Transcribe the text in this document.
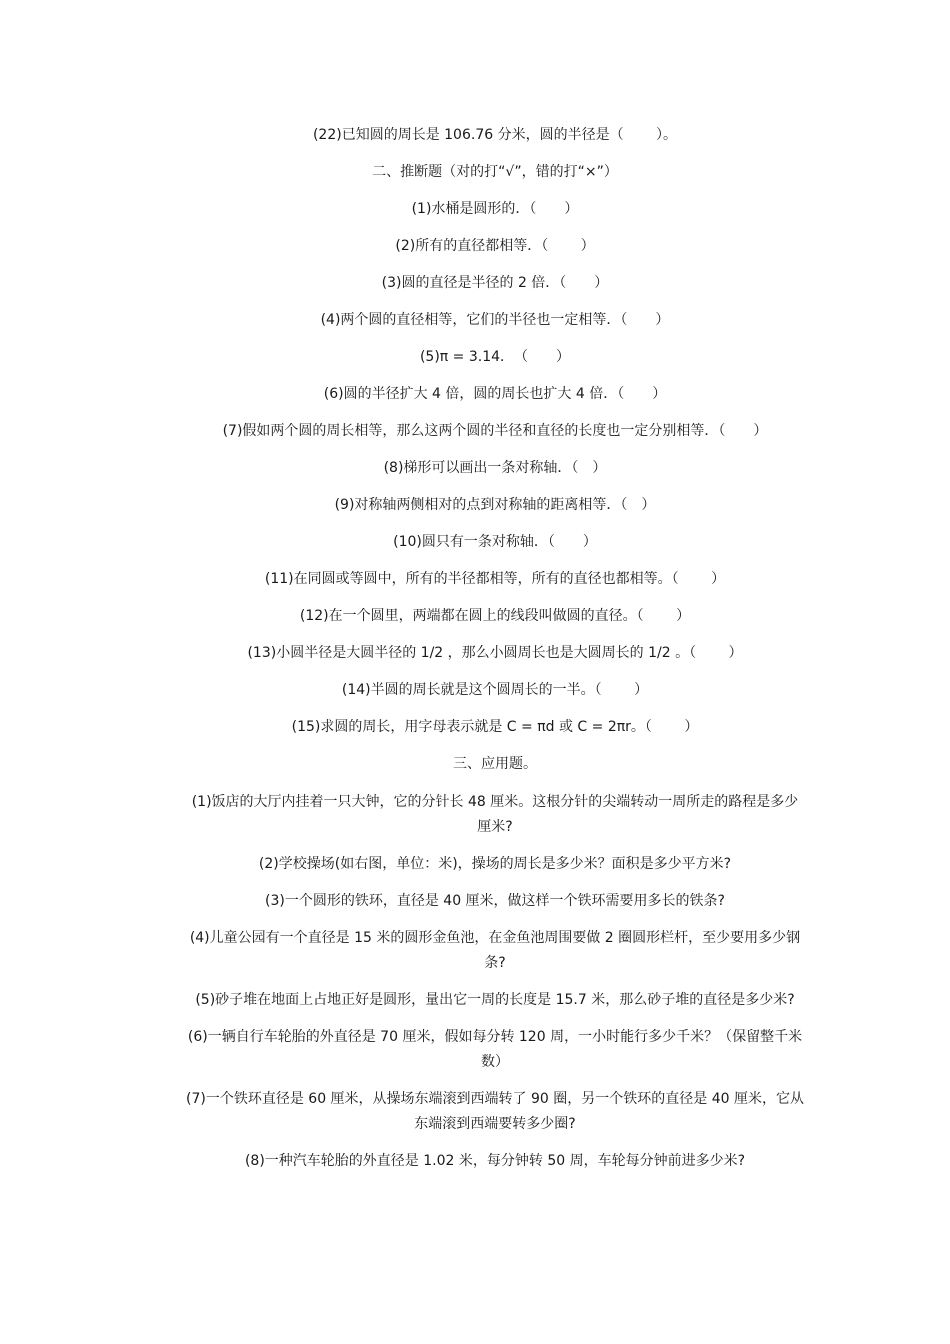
(22)已知圆的周长是 106.76 分米，圆的半径是（　　 ）。
二、推断题（对的打“√”，错的打“×”）
(1)水桶是圆形的．（　　）
(2)所有的直径都相等．（　　 ）
(3)圆的直径是半径的 2 倍．（　　）
(4)两个圆的直径相等，它们的半径也一定相等．（　　）
(5)π = 3.14．　（　　）
(6)圆的半径扩大 4 倍，圆的周长也扩大 4 倍．（　　）
(7)假如两个圆的周长相等，那么这两个圆的半径和直径的长度也一定分别相等．（　　）
(8)梯形可以画出一条对称轴．（　）
(9)对称轴两侧相对的点到对称轴的距离相等．（　）
(10)圆只有一条对称轴．（　　）
(11)在同圆或等圆中，所有的半径都相等，所有的直径也都相等。（　　 ）
(12)在一个圆里，两端都在圆上的线段叫做圆的直径。（　　 ）
(13)小圆半径是大圆半径的 1/2 ，那么小圆周长也是大圆周长的 1/2 。（　　 ）
(14)半圆的周长就是这个圆周长的一半。（　　 ）
(15)求圆的周长，用字母表示就是 C = πd 或 C = 2πr。（　　 ）
三、应用题。
(1)饭店的大厅内挂着一只大钟，它的分针长 48 厘米。这根分针的尖端转动一周所走的路程是多少厘米?
(2)学校操场(如右图，单位：米)，操场的周长是多少米？面积是多少平方米?
(3)一个圆形的铁环，直径是 40 厘米，做这样一个铁环需要用多长的铁条?
(4)儿童公园有一个直径是 15 米的圆形金鱼池，在金鱼池周围要做 2 圈圆形栏杆，至少要用多少钢条?
(5)砂子堆在地面上占地正好是圆形，量出它一周的长度是 15.7 米，那么砂子堆的直径是多少米?
(6)一辆自行车轮胎的外直径是 70 厘米，假如每分转 120 周，一小时能行多少千米？（保留整千米数）
(7)一个铁环直径是 60 厘米，从操场东端滚到西端转了 90 圈，另一个铁环的直径是 40 厘米，它从东端滚到西端要转多少圈?
(8)一种汽车轮胎的外直径是 1.02 米，每分钟转 50 周，车轮每分钟前进多少米?
